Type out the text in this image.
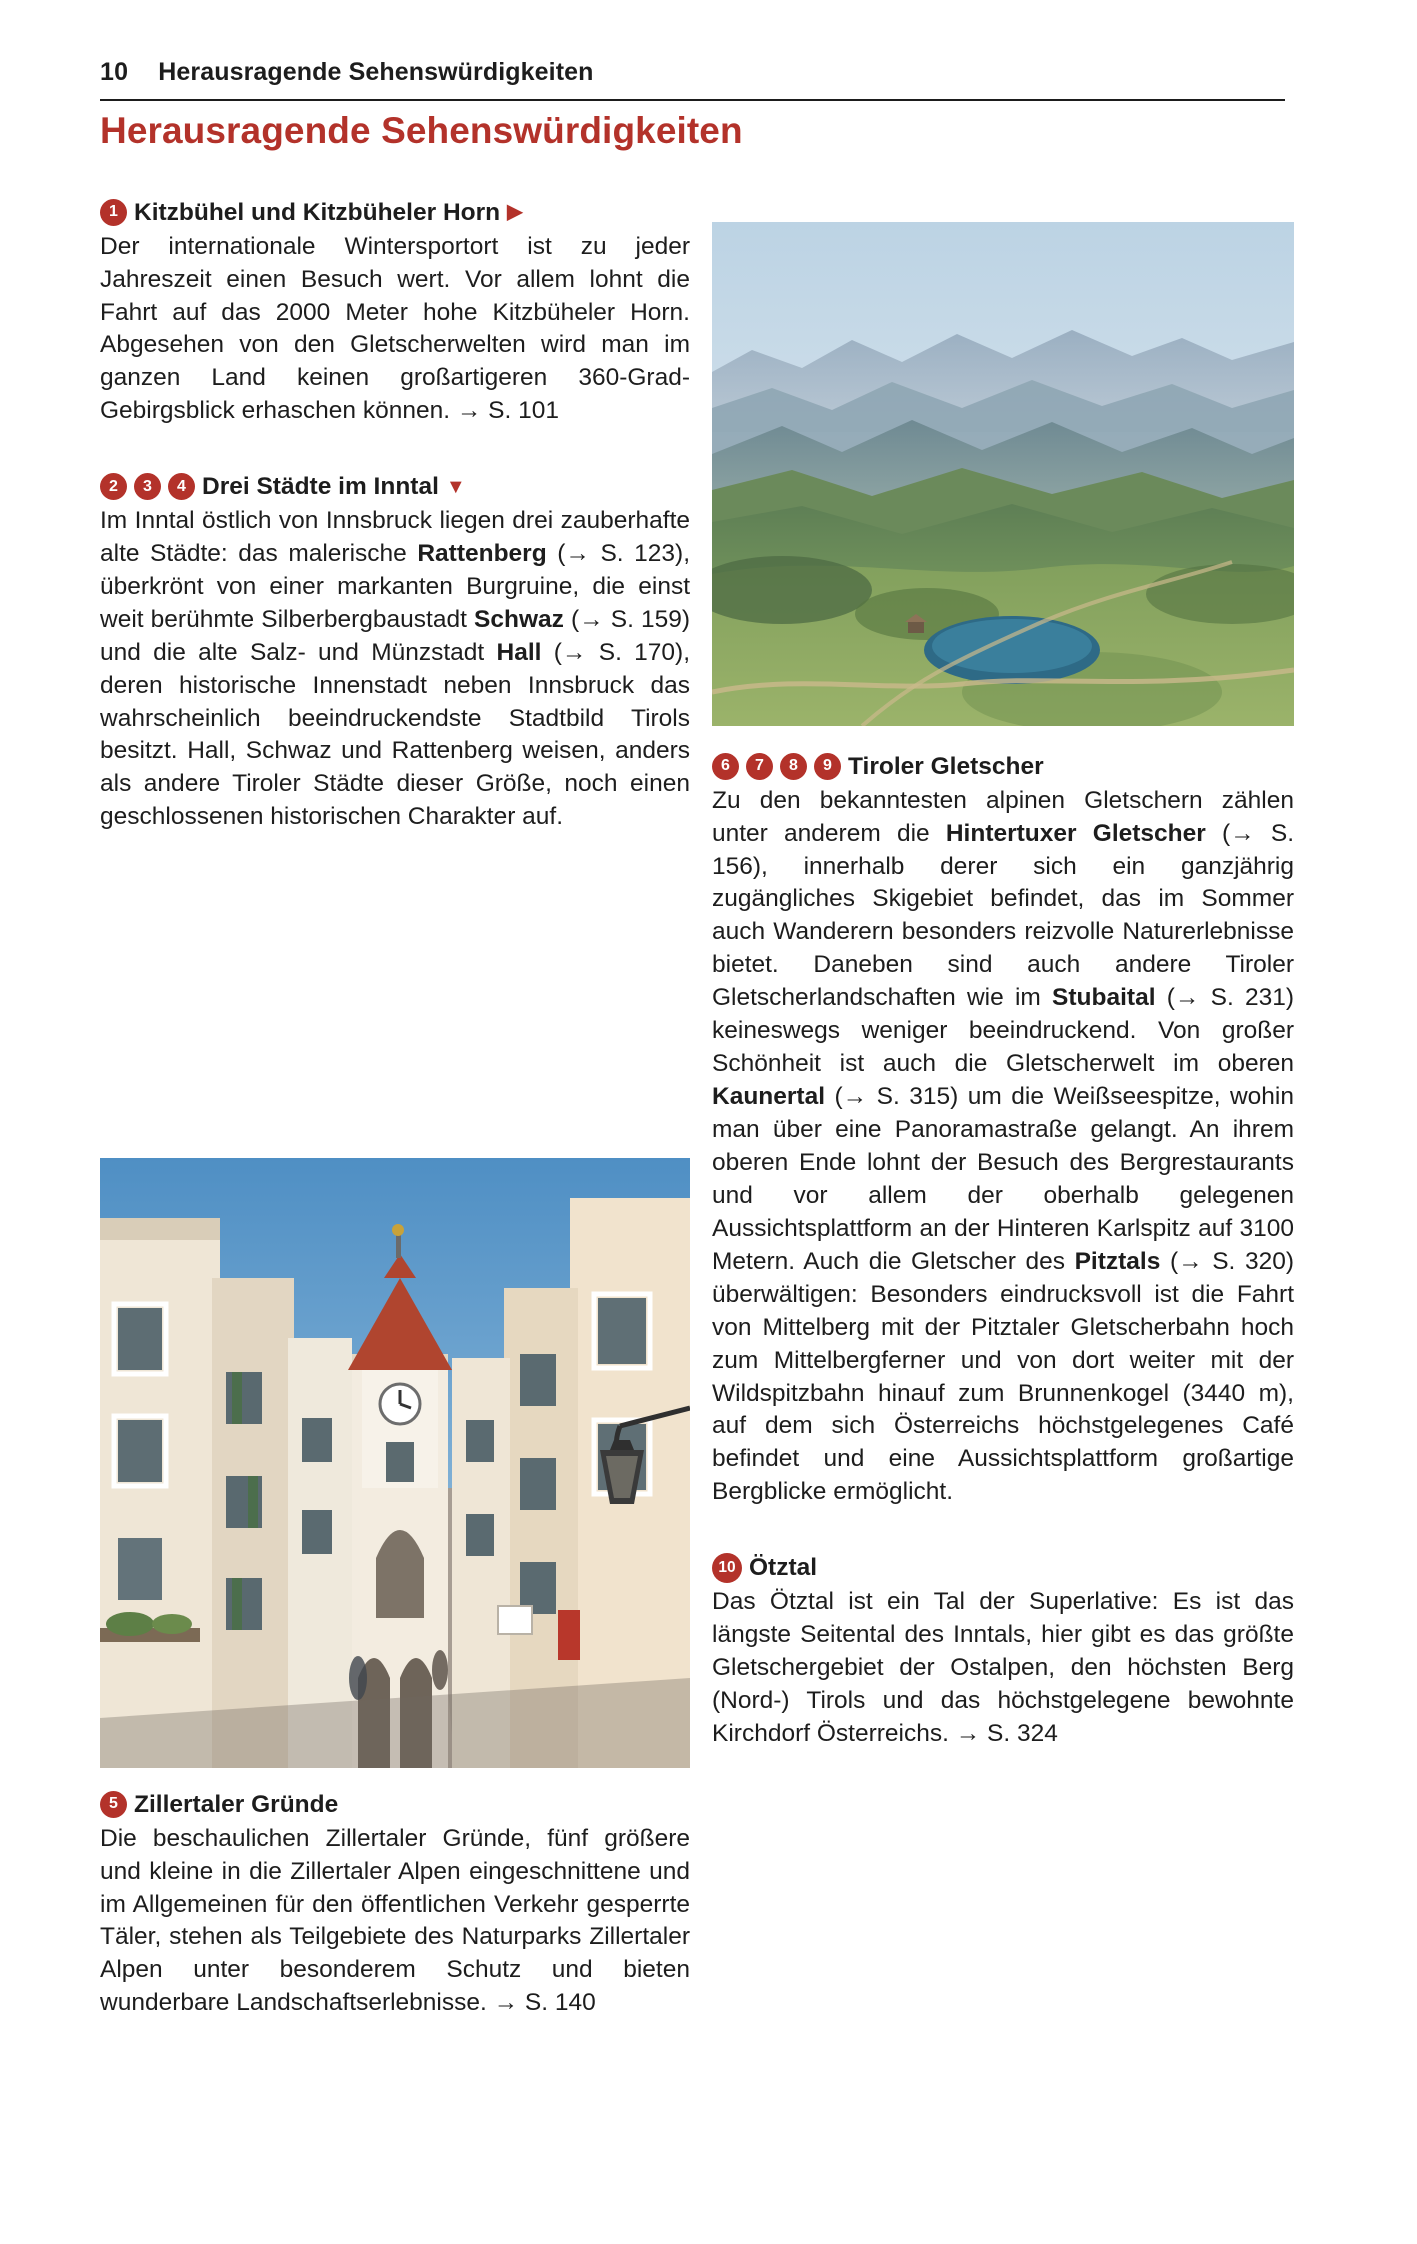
10 Herausragende Sehenswürdigkeiten
Herausragende Sehenswürdigkeiten
1 Kitzbühel und Kitzbüheler Horn ▶

Der internationale Wintersportort ist zu jeder Jahreszeit einen Besuch wert. Vor allem lohnt die Fahrt auf das 2000 Meter hohe Kitzbüheler Horn. Abgesehen von den Gletscherwelten wird man im ganzen Land keinen großartigeren 360-Grad-Gebirgsblick erhaschen können. → S. 101

2	3	4 Drei Städte im Inntal ▼

Im Inntal östlich von Innsbruck liegen drei zauberhafte alte Städte: das malerische Rattenberg (→ S. 123), überkrönt von einer markanten Burgruine, die einst weit berühmte Silberbergbaustadt Schwaz (→ S. 159) und die alte Salz- und Münzstadt Hall (→ S. 170), deren historische Innenstadt neben Innsbruck das wahrscheinlich beeindruckendste Stadtbild Tirols besitzt. Hall, Schwaz und Rattenberg weisen, anders als andere Tiroler Städte dieser Größe, noch einen geschlossenen historischen Charakter auf.

5 Zillertaler Gründe

Die beschaulichen Zillertaler Gründe, fünf größere und kleine in die Zillertaler Alpen eingeschnittene und im Allgemeinen für den öffentlichen Verkehr gesperrte Täler, stehen als Teilgebiete des Naturparks Zillertaler Alpen unter besonderem Schutz und bieten wunderbare Landschaftserlebnisse. → S. 140

6	7	8	9 Tiroler Gletscher

Zu den bekanntesten alpinen Gletschern zählen unter anderem die Hintertuxer Gletscher (→ S. 156), innerhalb derer sich ein ganzjährig zugängliches Skigebiet befindet, das im Sommer auch Wanderern besonders reizvolle Naturerlebnisse bietet. Daneben sind auch andere Tiroler Gletscherlandschaften wie im Stubaital (→ S. 231) keineswegs weniger beeindruckend. Von großer Schönheit ist auch die Gletscherwelt im oberen Kaunertal (→ S. 315) um die Weißseespitze, wohin man über eine Panoramastraße gelangt. An ihrem oberen Ende lohnt der Besuch des Bergrestaurants und vor allem der oberhalb gelegenen Aussichtsplattform an der Hinteren Karlspitz auf 3100 Metern. Auch die Gletscher des Pitztals (→ S. 320) überwältigen: Besonders eindrucksvoll ist die Fahrt von Mittelberg mit der Pitztaler Gletscherbahn hoch zum Mittelbergferner und von dort weiter mit der Wildspitzbahn hinauf zum Brunnenkogel (3440 m), auf dem sich Österreichs höchstgelegenes Café befindet und eine Aussichtsplattform großartige Bergblicke ermöglicht.

10 Ötztal

Das Ötztal ist ein Tal der Superlative: Es ist das längste Seitental des Inntals, hier gibt es das größte Gletschergebiet der Ostalpen, den höchsten Berg (Nord-) Tirols und das höchstgelegene bewohnte Kirchdorf Österreichs. → S. 324
